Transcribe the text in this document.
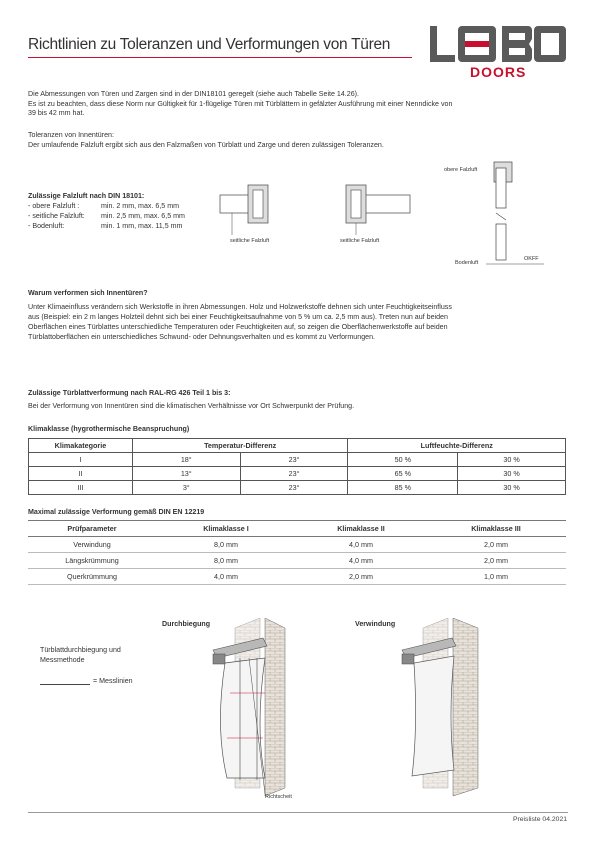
Richtlinien zu Toleranzen und Verformungen von Türen
DOORS
Die Abmessungen von Türen und Zargen sind in der DIN18101 geregelt (siehe auch Tabelle Seite 14.26).
Es ist zu beachten, dass diese Norm nur Gültigkeit für 1-flügelige Türen mit Türblättern in gefälzter Ausführung mit einer Nenndicke von
39 bis 42 mm hat.
Toleranzen von Innentüren:
Der umlaufende Falzluft ergibt sich aus den Falzmaßen von Türblatt und Zarge und deren zulässigen Toleranzen.
Zulässige Falzluft nach DIN 18101:
- obere Falzluft :	min. 2 mm, max. 6,5 mm
- seitliche Falzluft: min. 2,5 mm, max. 6,5 mm
- Bodenluft:	min. 1 mm, max. 11,5 mm
seitliche Falzluft	seitliche Falzluft
obere Falzluft
Bodenluft
OKFF
Warum verformen sich Innentüren?
Unter Klimaeinfluss verändern sich Werkstoffe in ihren Abmessungen. Holz und Holzwerkstoffe dehnen sich unter Feuchtigkeitseinfluss
aus (Beispiel: ein 2 m langes Holzteil dehnt sich bei einer Feuchtigkeitsaufnahme von 5 % um ca. 2,5 mm aus). Treten nun auf beiden
Oberflächen eines Türblattes unterschiedliche Temperaturen oder Feuchtigkeiten auf, so zeigen die Oberflächenwerkstoffe auf beiden
Türblattoberflächen ein unterschiedliches Schwund- oder Dehnungsverhalten und es kommt zu Verformungen.
Zulässige Türblattverformung nach RAL-RG 426 Teil 1 bis 3:
Bei der Verformung von Innentüren sind die klimatischen Verhältnisse vor Ort Schwerpunkt der Prüfung.
Klimaklasse (hygrothermische Beanspruchung)
Klimakategorie	Temperatur-Differenz		Luftfeuchte-Differenz	
I	18°	23°	50 %	30 %
II	13°	23°	65 %	30 %
III	3°	23°	85 %	30 %
Maximal zulässige Verformung gemäß DIN EN 12219
Prüfparameter	Klimaklasse I	Klimaklasse II	Klimaklasse III
Verwindung	8,0 mm	4,0 mm	2,0 mm
Längskrümmung	8,0 mm	4,0 mm	2,0 mm
Querkrümmung	4,0 mm	2,0 mm	1,0 mm
Durchbiegung	Verwindung
Türblattdurchbiegung und
Messmethode
= Messlinien
Richtscheit
Preisliste 04.2021
